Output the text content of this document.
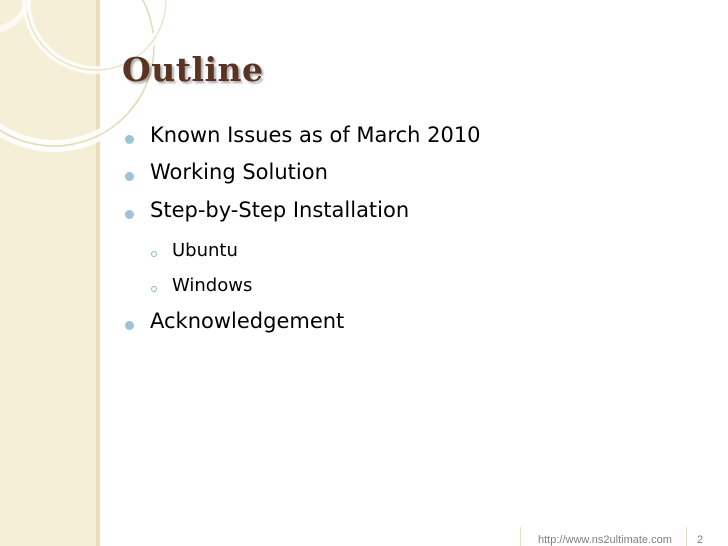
Outline
Known Issues as of March 2010
Working Solution
Step-by-Step Installation
Ubuntu
Windows
Acknowledgement
http://www.ns2ultimate.com 2
